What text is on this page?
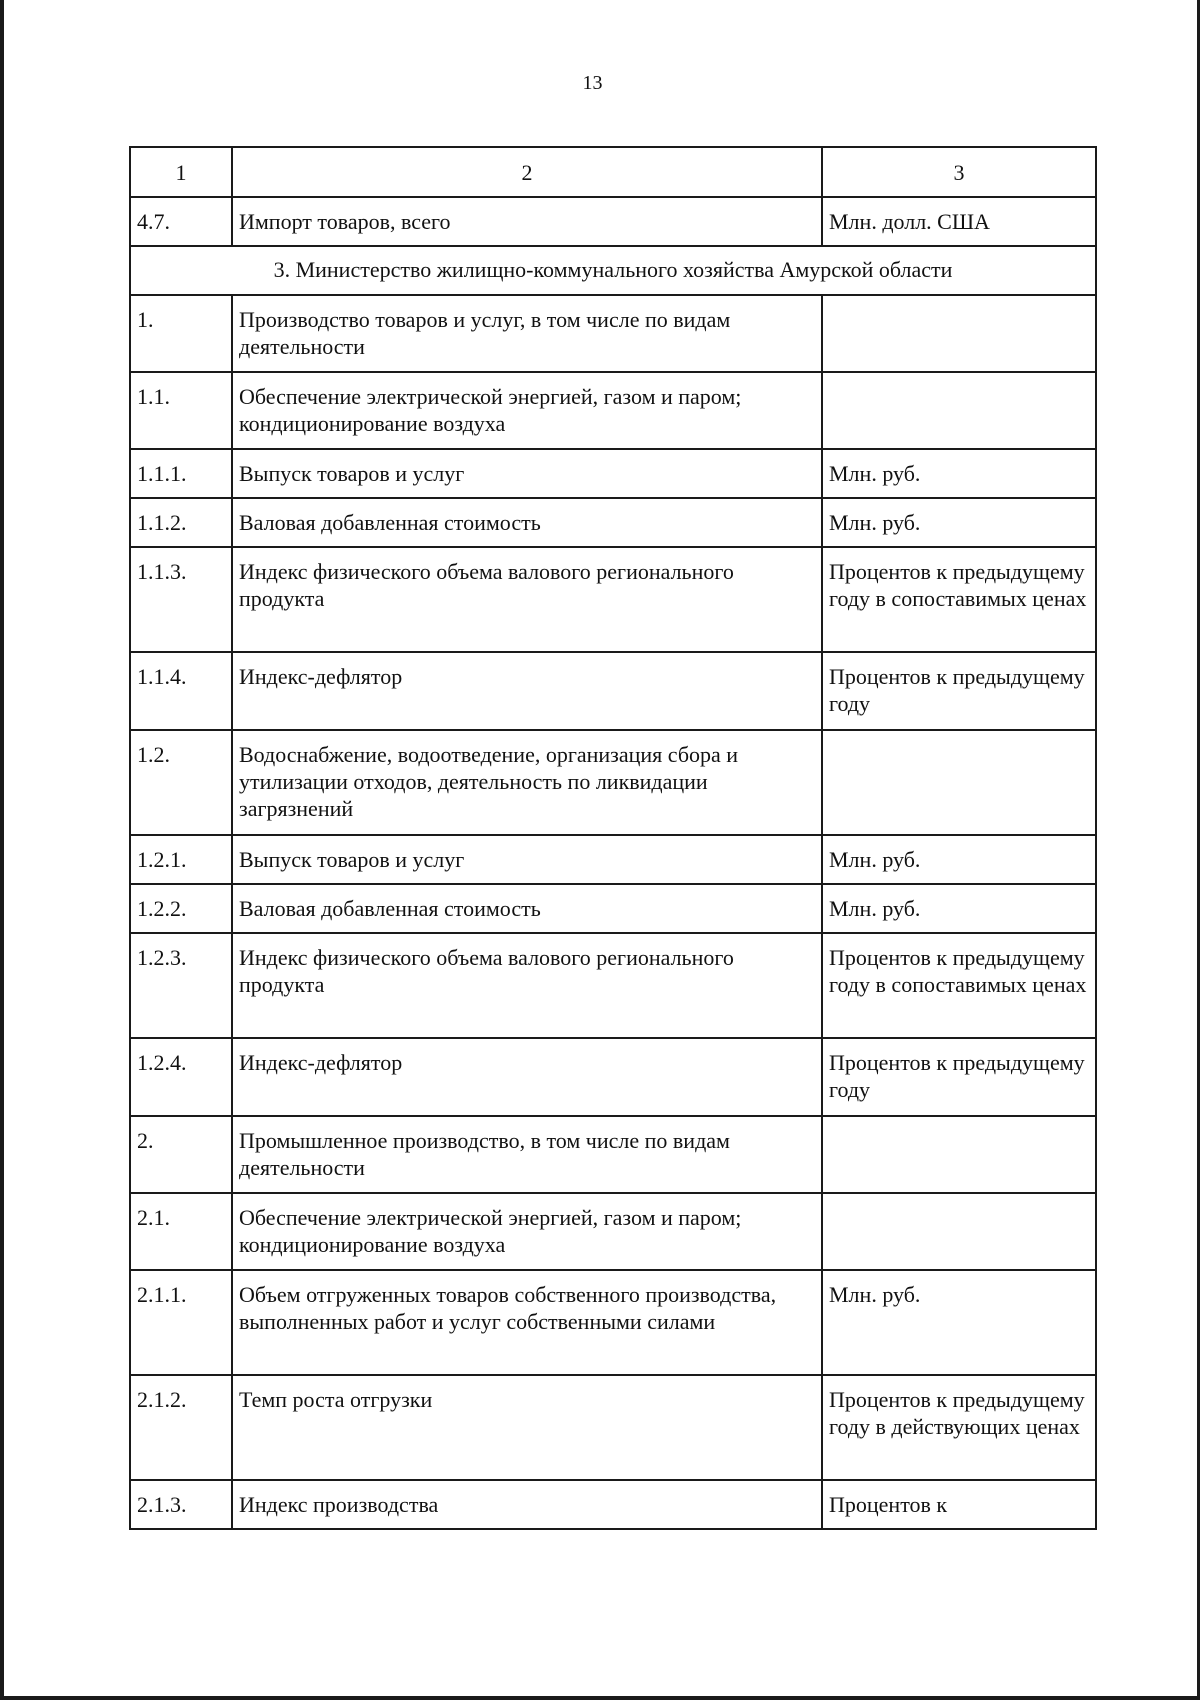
13
1	2	3
4.7.	Импорт товаров, всего	Млн. долл. США
3. Министерство жилищно-коммунального хозяйства Амурской области		
1.	Производство товаров и услуг, в том числе по видам деятельности	
1.1.	Обеспечение электрической энергией, газом и паром; кондиционирование воздуха	
1.1.1.	Выпуск товаров и услуг	Млн. руб.
1.1.2.	Валовая добавленная стоимость	Млн. руб.
1.1.3.	Индекс физического объема валового регионального продукта	Процентов к предыдущему году в сопоставимых ценах
1.1.4.	Индекс-дефлятор	Процентов к предыдущему году
1.2.	Водоснабжение, водоотведение, организация сбора и утилизации отходов, деятельность по ликвидации загрязнений	
1.2.1.	Выпуск товаров и услуг	Млн. руб.
1.2.2.	Валовая добавленная стоимость	Млн. руб.
1.2.3.	Индекс физического объема валового регионального продукта	Процентов к предыдущему году в сопоставимых ценах
1.2.4.	Индекс-дефлятор	Процентов к предыдущему году
2.	Промышленное производство, в том числе по видам деятельности	
2.1.	Обеспечение электрической энергией, газом и паром; кондиционирование воздуха	
2.1.1.	Объем отгруженных товаров собственного производства, выполненных работ и услуг собственными силами	Млн. руб.
2.1.2.	Темп роста отгрузки	Процентов к предыдущему году в действующих ценах
2.1.3.	Индекс производства	Процентов к
